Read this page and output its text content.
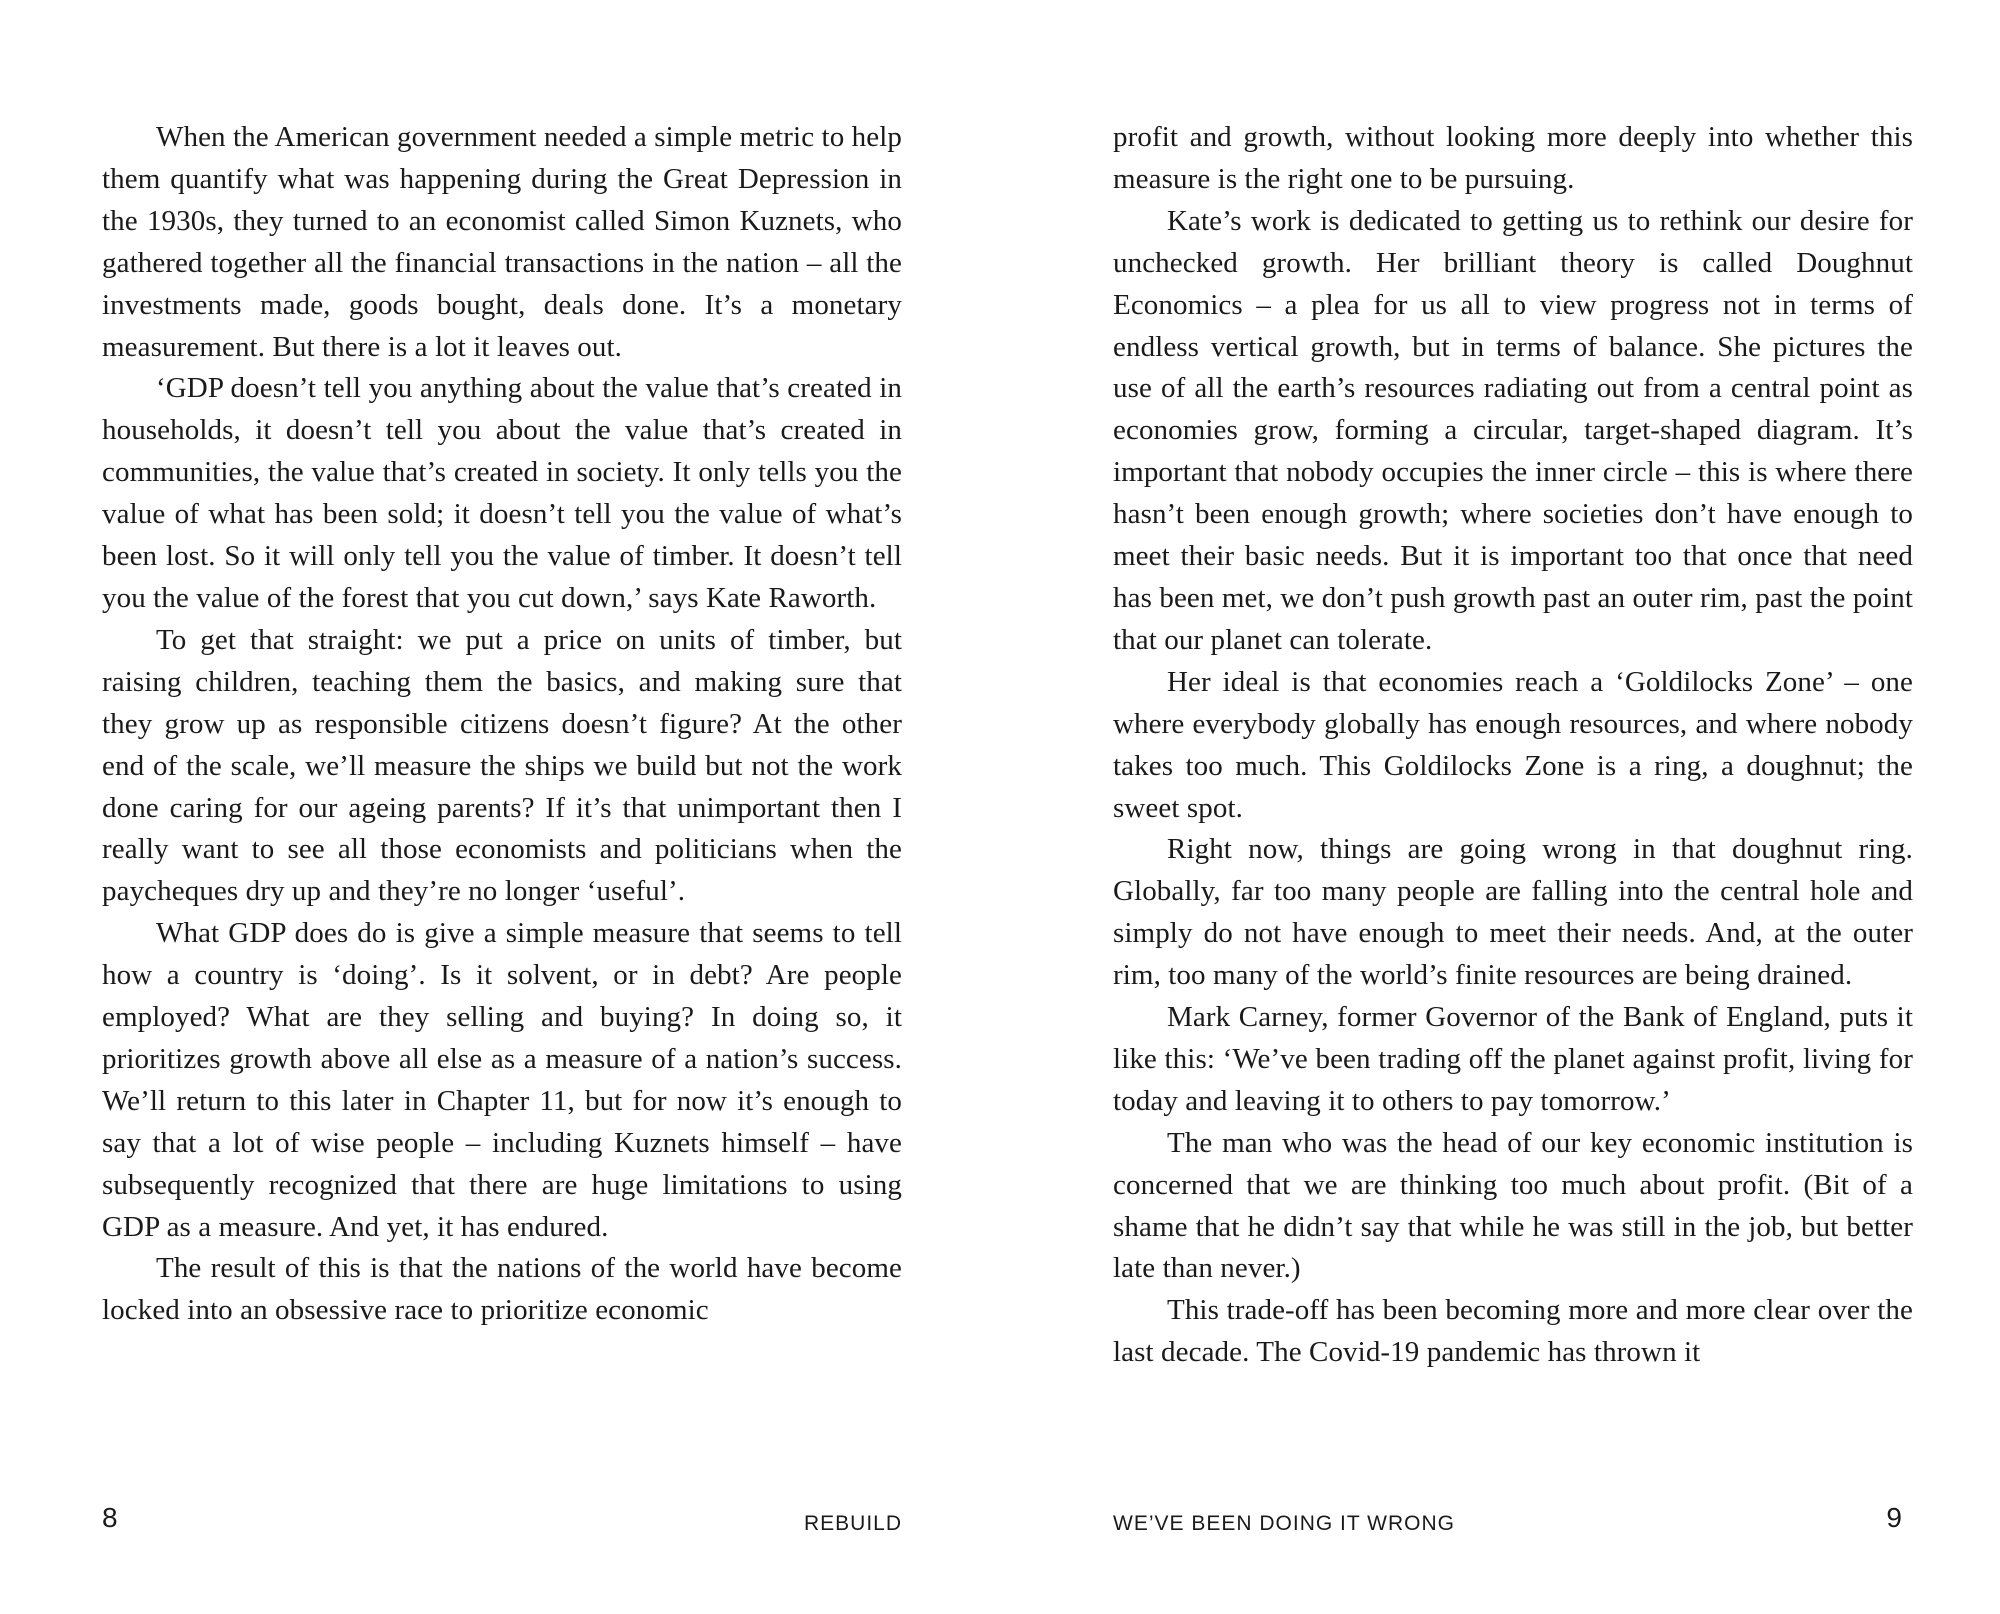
When the American government needed a simple metric to help them quantify what was happening during the Great Depression in the 1930s, they turned to an economist called Simon Kuznets, who gathered together all the financial transactions in the nation – all the investments made, goods bought, deals done. It’s a monetary measurement. But there is a lot it leaves out.

‘GDP doesn’t tell you anything about the value that’s created in households, it doesn’t tell you about the value that’s created in communities, the value that’s created in society. It only tells you the value of what has been sold; it doesn’t tell you the value of what’s been lost. So it will only tell you the value of timber. It doesn’t tell you the value of the forest that you cut down,’ says Kate Raworth.

To get that straight: we put a price on units of timber, but raising children, teaching them the basics, and making sure that they grow up as responsible citizens doesn’t figure? At the other end of the scale, we’ll measure the ships we build but not the work done caring for our ageing parents? If it’s that unimportant then I really want to see all those economists and politicians when the paycheques dry up and they’re no longer ‘useful’.

What GDP does do is give a simple measure that seems to tell how a country is ‘doing’. Is it solvent, or in debt? Are people employed? What are they selling and buying? In doing so, it prioritizes growth above all else as a measure of a nation’s success. We’ll return to this later in Chapter 11, but for now it’s enough to say that a lot of wise people – including Kuznets himself – have subsequently recognized that there are huge limitations to using GDP as a measure. And yet, it has endured.

The result of this is that the nations of the world have become locked into an obsessive race to prioritize economic

8	REBUILD

profit and growth, without looking more deeply into whether this measure is the right one to be pursuing.

Kate’s work is dedicated to getting us to rethink our desire for unchecked growth. Her brilliant theory is called Doughnut Economics – a plea for us all to view progress not in terms of endless vertical growth, but in terms of balance. She pictures the use of all the earth’s resources radiating out from a central point as economies grow, forming a circular, target-shaped diagram. It’s important that nobody occupies the inner circle – this is where there hasn’t been enough growth; where societies don’t have enough to meet their basic needs. But it is important too that once that need has been met, we don’t push growth past an outer rim, past the point that our planet can tolerate.

Her ideal is that economies reach a ‘Goldilocks Zone’ – one where everybody globally has enough resources, and where nobody takes too much. This Goldilocks Zone is a ring, a doughnut; the sweet spot.

Right now, things are going wrong in that doughnut ring. Globally, far too many people are falling into the central hole and simply do not have enough to meet their needs. And, at the outer rim, too many of the world’s finite resources are being drained.

Mark Carney, former Governor of the Bank of England, puts it like this: ‘We’ve been trading off the planet against profit, living for today and leaving it to others to pay tomorrow.’

The man who was the head of our key economic institution is concerned that we are thinking too much about profit. (Bit of a shame that he didn’t say that while he was still in the job, but better late than never.)

This trade-off has been becoming more and more clear over the last decade. The Covid-19 pandemic has thrown it

WE’VE BEEN DOING IT WRONG	9
